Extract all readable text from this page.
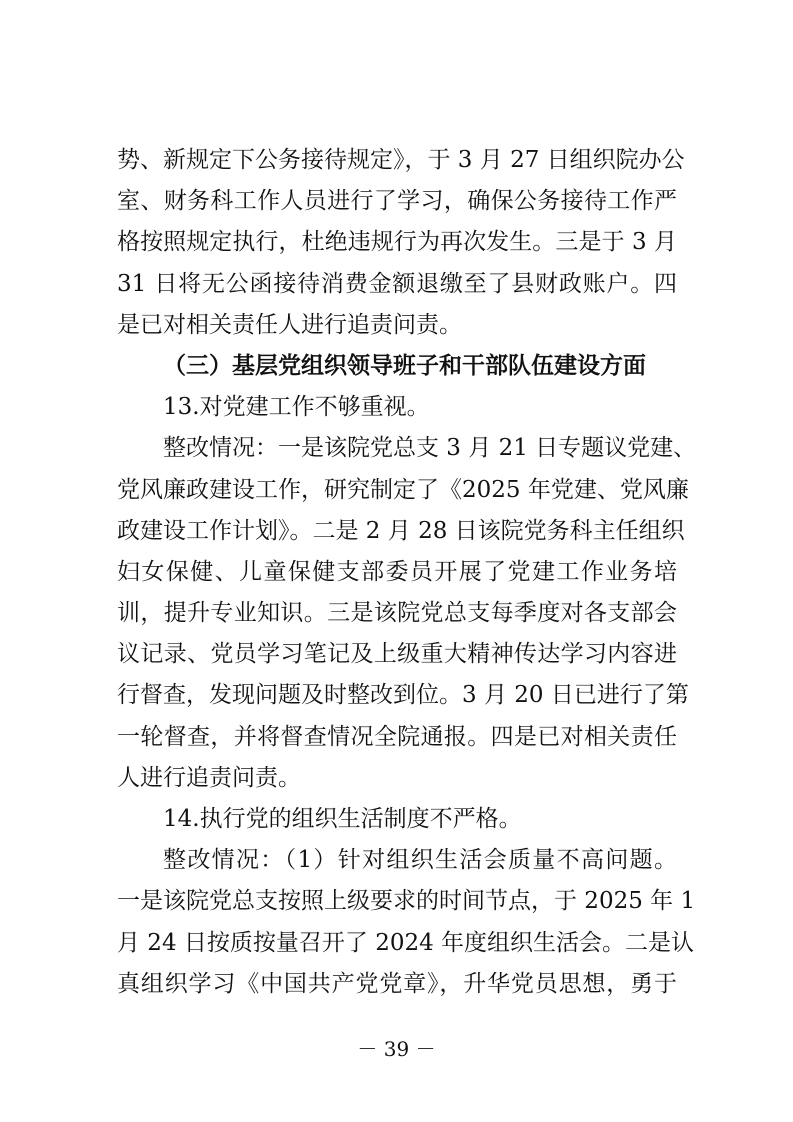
势、新规定下公务接待规定》，于 3 月 27 日组织院办公
室、财务科工作人员进行了学习，确保公务接待工作严
格按照规定执行，杜绝违规行为再次发生。三是于 3 月
31 日将无公函接待消费金额退缴至了县财政账户。四
是已对相关责任人进行追责问责。
（三）基层党组织领导班子和干部队伍建设方面
13.对党建工作不够重视。
整改情况：一是该院党总支 3 月 21 日专题议党建、
党风廉政建设工作，研究制定了《2025 年党建、党风廉
政建设工作计划》。二是 2 月 28 日该院党务科主任组织
妇女保健、儿童保健支部委员开展了党建工作业务培
训，提升专业知识。三是该院党总支每季度对各支部会
议记录、党员学习笔记及上级重大精神传达学习内容进
行督查，发现问题及时整改到位。3 月 20 日已进行了第
一轮督查，并将督查情况全院通报。四是已对相关责任
人进行追责问责。
14.执行党的组织生活制度不严格。
整改情况：（1）针对组织生活会质量不高问题。
一是该院党总支按照上级要求的时间节点，于 2025 年 1
月 24 日按质按量召开了 2024 年度组织生活会。二是认
真组织学习《中国共产党党章》，升华党员思想，勇于
－ 39 －
